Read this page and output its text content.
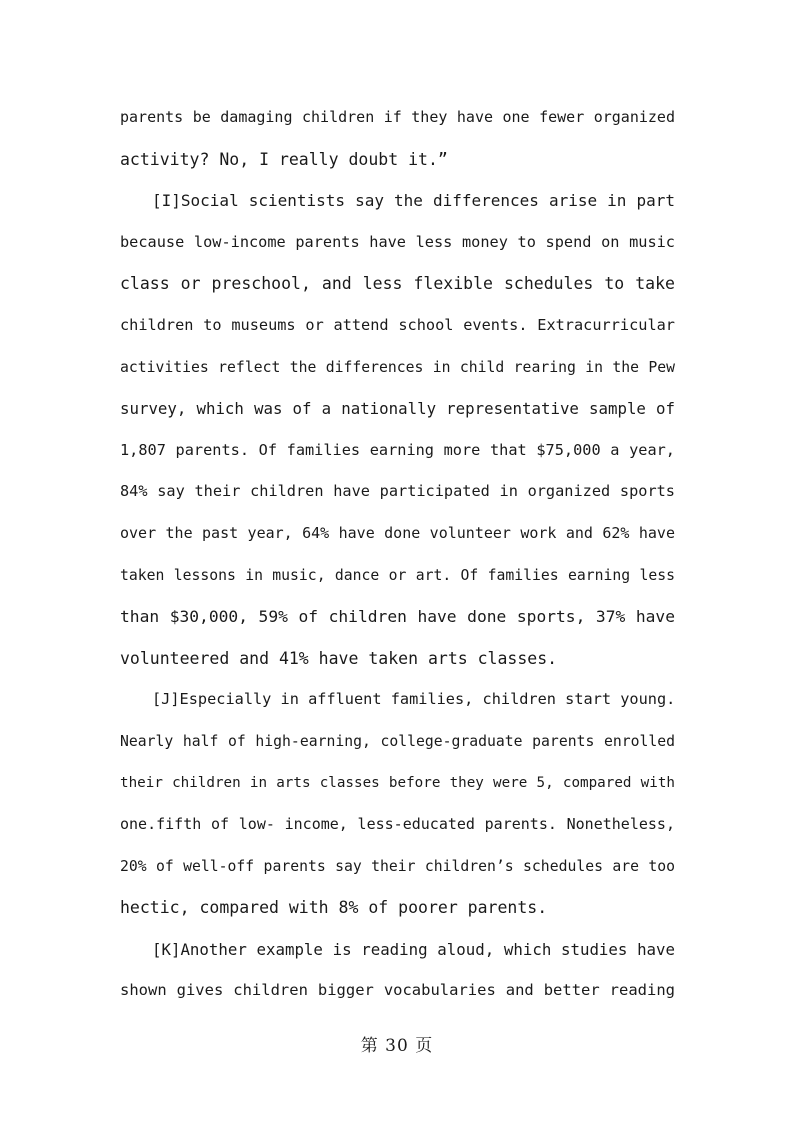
parents be damaging children if they have one fewer organized
activity? No, I really doubt it.”
[I]Social scientists say the differences arise in part
because low-income parents have less money to spend on music
class or preschool, and less flexible schedules to take
children to museums or attend school events. Extracurricular
activities reflect the differences in child rearing in the Pew
survey, which was of a nationally representative sample of
1,807 parents. Of families earning more that $75,000 a year,
84% say their children have participated in organized sports
over the past year, 64% have done volunteer work and 62% have
taken lessons in music, dance or art. Of families earning less
than $30,000, 59% of children have done sports, 37% have
volunteered and 41% have taken arts classes.
[J]Especially in affluent families, children start young.
Nearly half of high-earning, college-graduate parents enrolled
their children in arts classes before they were 5, compared with
one.fifth of low- income, less-educated parents. Nonetheless,
20% of well-off parents say their children’s schedules are too
hectic, compared with 8% of poorer parents.
[K]Another example is reading aloud, which studies have
shown gives children bigger vocabularies and better reading
第 30 页
